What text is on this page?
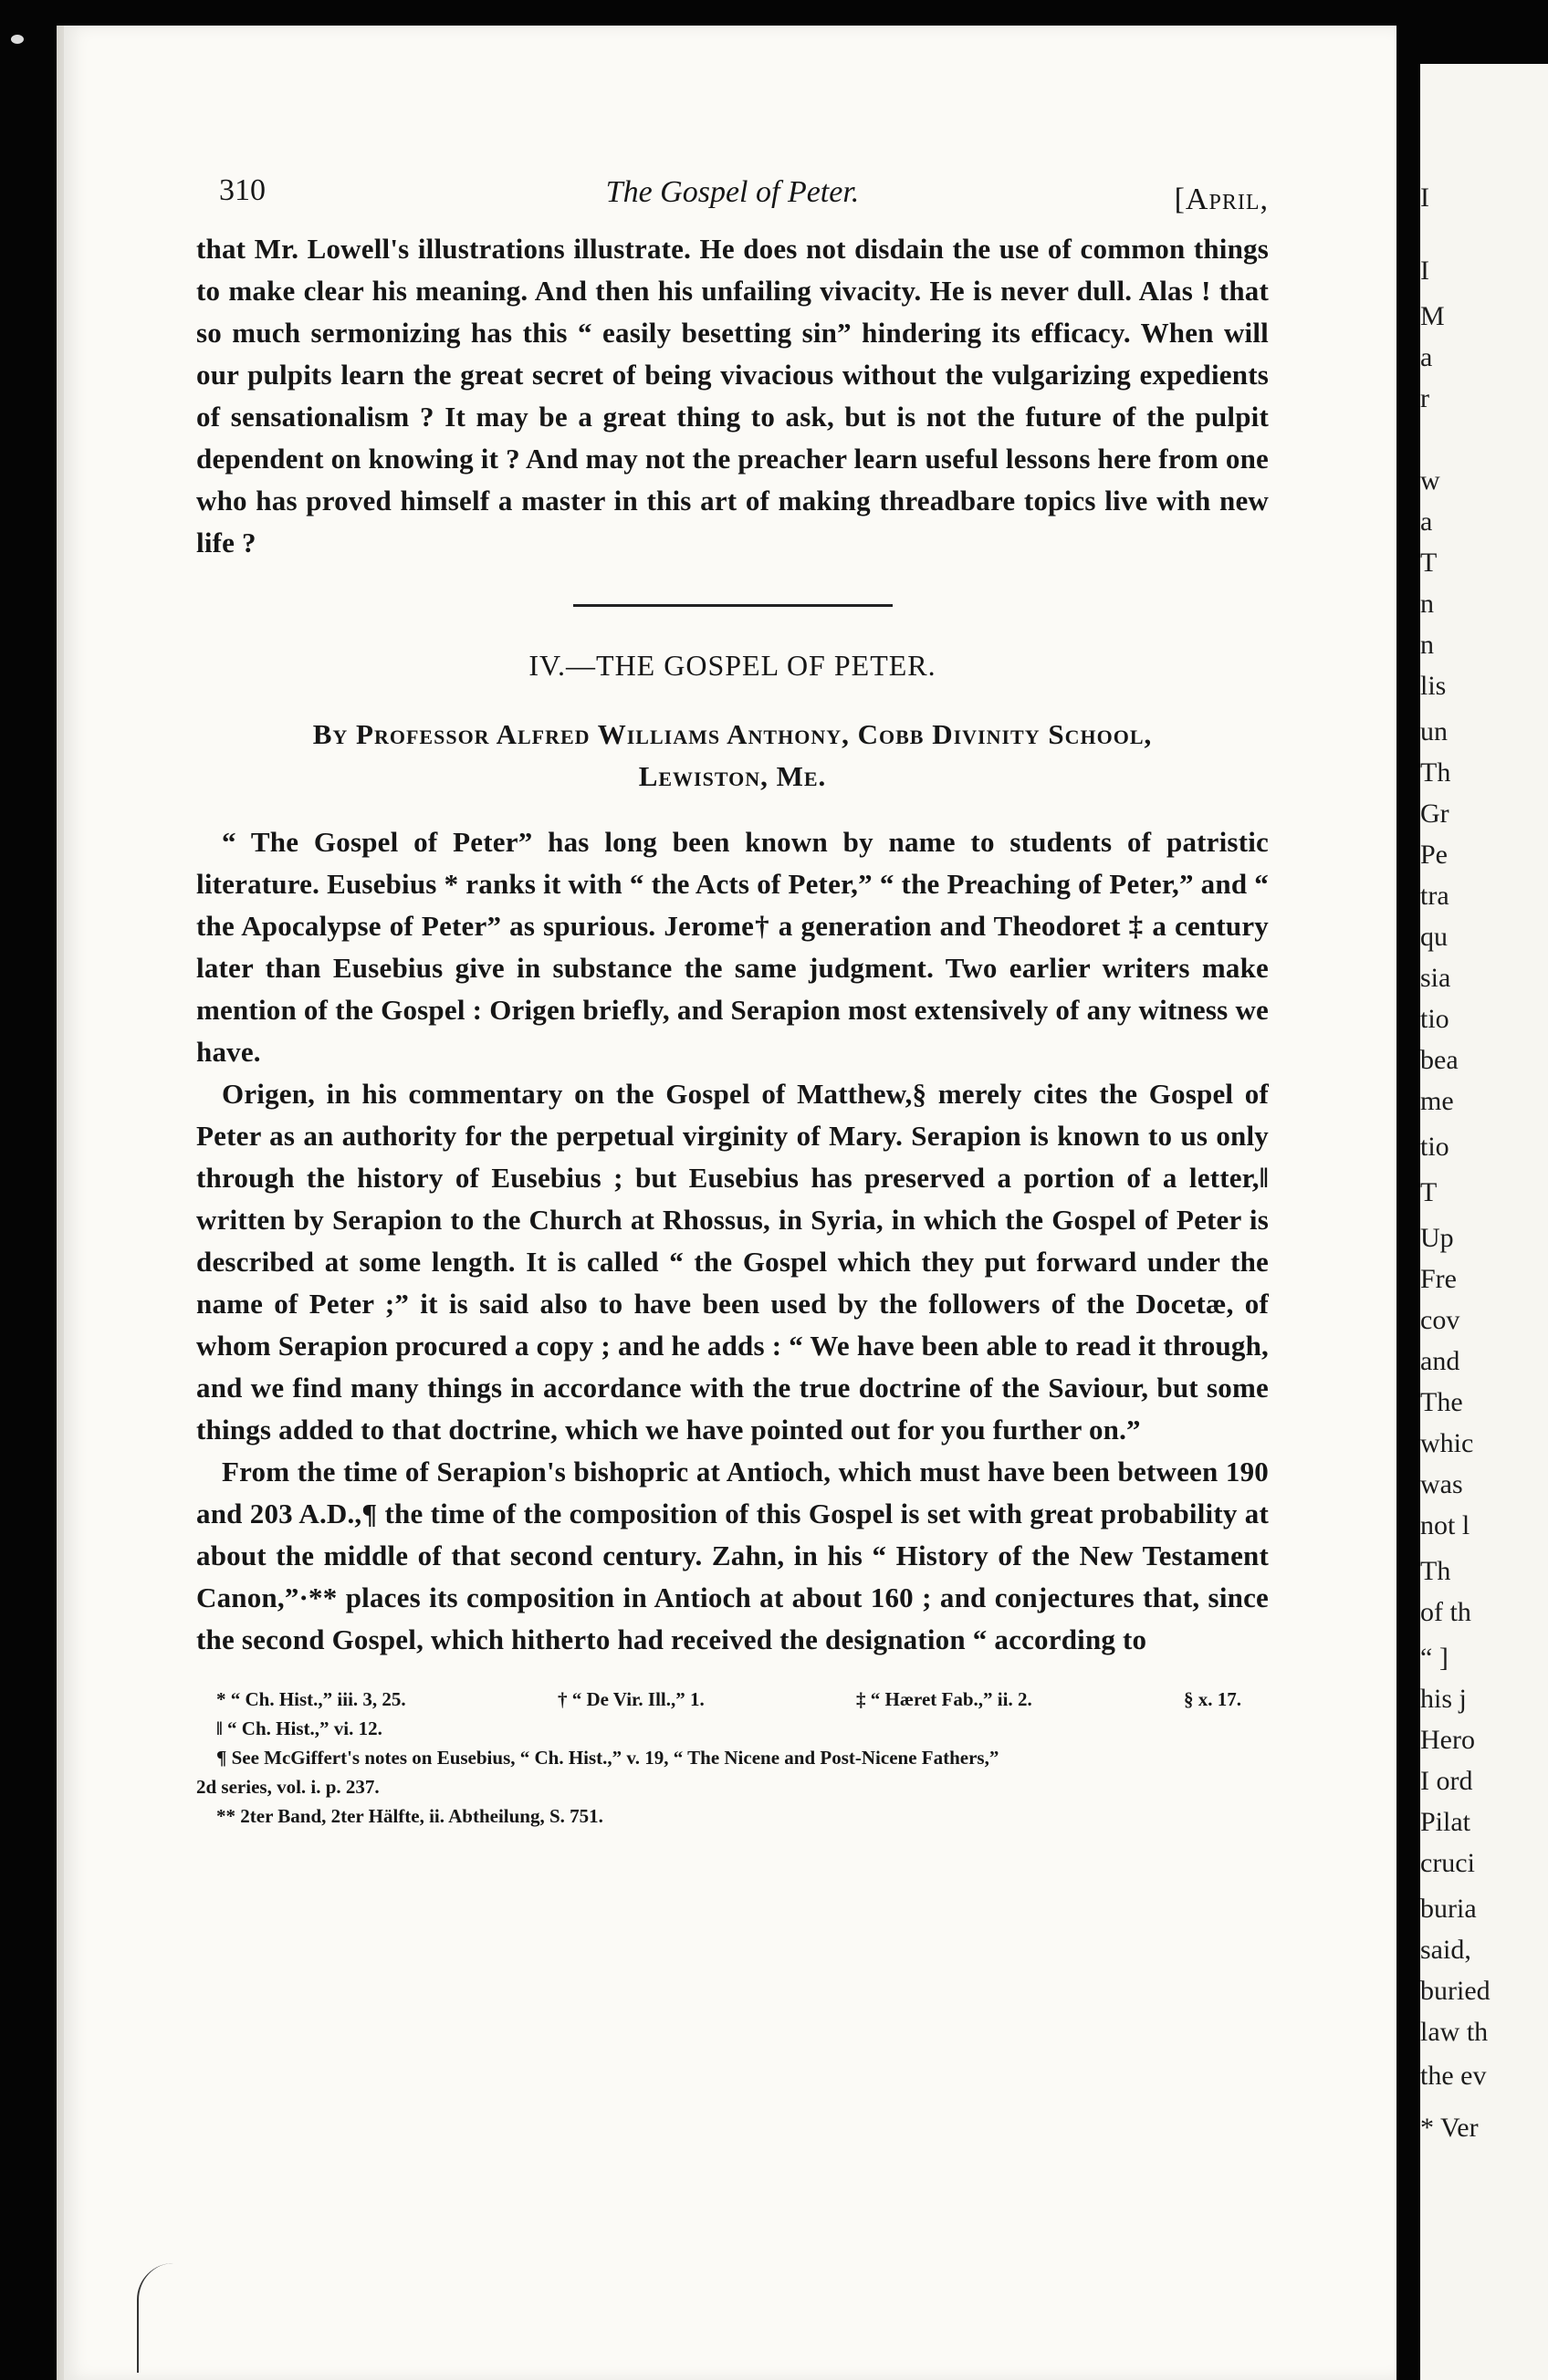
I
I
M
a
r
w
a
T
n
n
lis
un
Th
Gr
Pe
tra
qu
sia
tio
bea
me
tio
T
Up
Fre
cov
and
The
whic
was
not l
Th
of th
“ ]
his j
Hero
I ord
Pilat
cruci
buria
said,
buried
law th
the ev
* Ver
310	The Gospel of Peter.	[April,

that Mr. Lowell's illustrations illustrate. He does not disdain the use of common things to make clear his meaning. And then his unfailing vivacity. He is never dull. Alas ! that so much sermonizing has this “ easily besetting sin” hindering its efficacy. When will our pulpits learn the great secret of being vivacious without the vulgarizing expedients of sensationalism ? It may be a great thing to ask, but is not the future of the pulpit dependent on knowing it ? And may not the preacher learn useful lessons here from one who has proved himself a master in this art of making threadbare topics live with new life ?

IV.—THE GOSPEL OF PETER.

By Professor Alfred Williams Anthony, Cobb Divinity School,
Lewiston, Me.

“ The Gospel of Peter” has long been known by name to students of patristic literature. Eusebius * ranks it with “ the Acts of Peter,” “ the Preaching of Peter,” and “ the Apocalypse of Peter” as spurious. Jerome† a generation and Theodoret ‡ a century later than Eusebius give in substance the same judgment. Two earlier writers make mention of the Gospel : Origen briefly, and Serapion most extensively of any witness we have.

Origen, in his commentary on the Gospel of Matthew,§ merely cites the Gospel of Peter as an authority for the perpetual virginity of Mary. Serapion is known to us only through the history of Eusebius ; but Eusebius has preserved a portion of a letter,‖ written by Serapion to the Church at Rhossus, in Syria, in which the Gospel of Peter is described at some length. It is called “ the Gospel which they put forward under the name of Peter ;” it is said also to have been used by the followers of the Docetæ, of whom Serapion procured a copy ; and he adds : “ We have been able to read it through, and we find many things in accordance with the true doctrine of the Saviour, but some things added to that doctrine, which we have pointed out for you further on.”

From the time of Serapion's bishopric at Antioch, which must have been between 190 and 203 A.D.,¶ the time of the composition of this Gospel is set with great probability at about the middle of that second century. Zahn, in his “ History of the New Testament Canon,”·** places its composition in Antioch at about 160 ; and conjectures that, since the second Gospel, which hitherto had received the designation “ according to

* “ Ch. Hist.,” iii. 3, 25.	† “ De Vir. Ill.,” 1.	‡ “ Hæret Fab.,” ii. 2.	§ x. 17.
‖ “ Ch. Hist.,” vi. 12.
¶ See McGiffert's notes on Eusebius, “ Ch. Hist.,” v. 19, “ The Nicene and Post-Nicene Fathers,”
2d series, vol. i. p. 237.
** 2ter Band, 2ter Hälfte, ii. Abtheilung, S. 751.
